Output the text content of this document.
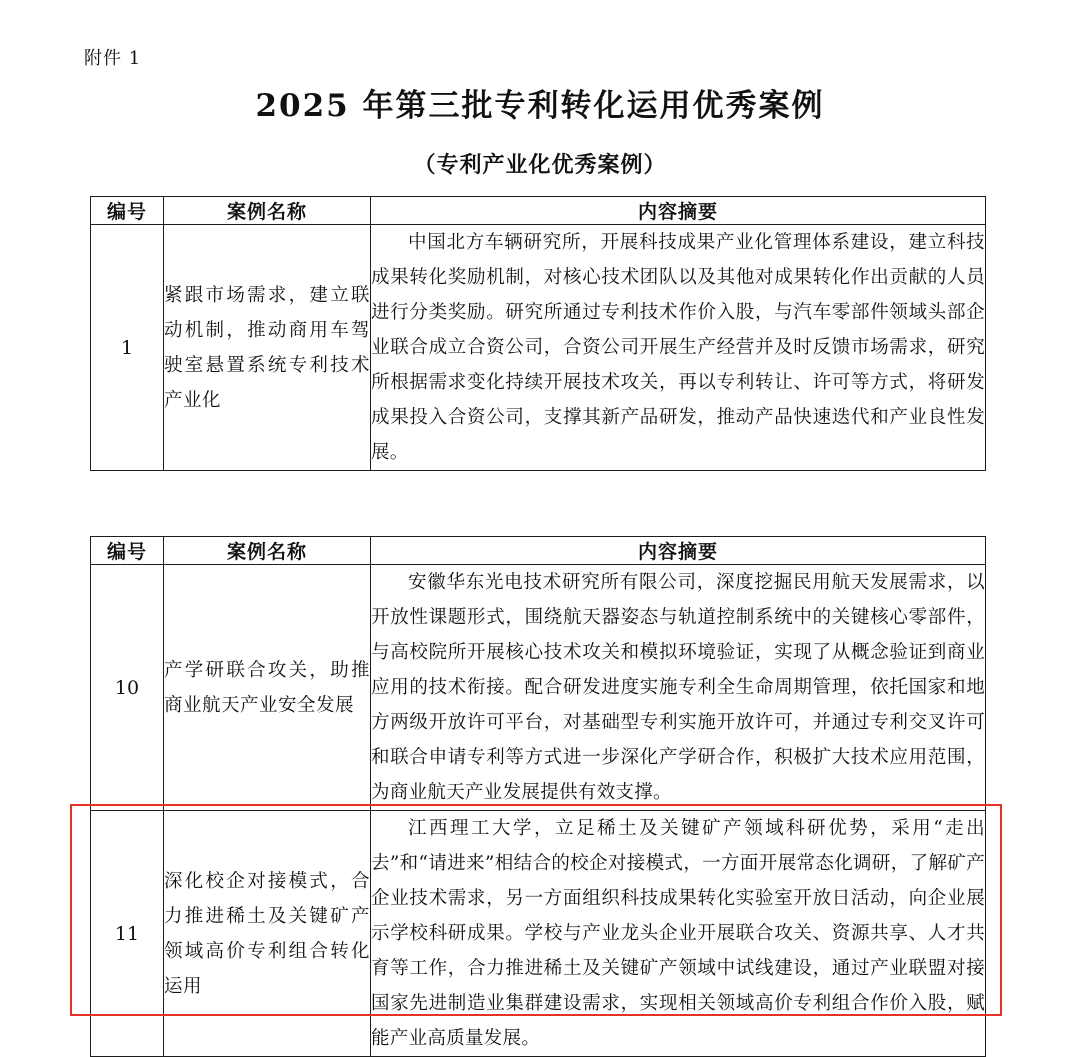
附件 1
2025 年第三批专利转化运用优秀案例
（专利产业化优秀案例）
编号	案例名称	内容摘要
1	紧跟市场需求，建立联动机制，推动商用车驾驶室悬置系统专利技术产业化	中国北方车辆研究所，开展科技成果产业化管理体系建设，建立科技成果转化奖励机制，对核心技术团队以及其他对成果转化作出贡献的人员进行分类奖励。研究所通过专利技术作价入股，与汽车零部件领域头部企业联合成立合资公司，合资公司开展生产经营并及时反馈市场需求，研究所根据需求变化持续开展技术攻关，再以专利转让、许可等方式，将研发成果投入合资公司，支撑其新产品研发，推动产品快速迭代和产业良性发展。
编号	案例名称	内容摘要
10	产学研联合攻关，助推商业航天产业安全发展	安徽华东光电技术研究所有限公司，深度挖掘民用航天发展需求，以开放性课题形式，围绕航天器姿态与轨道控制系统中的关键核心零部件，与高校院所开展核心技术攻关和模拟环境验证，实现了从概念验证到商业应用的技术衔接。配合研发进度实施专利全生命周期管理，依托国家和地方两级开放许可平台，对基础型专利实施开放许可，并通过专利交叉许可和联合申请专利等方式进一步深化产学研合作，积极扩大技术应用范围，为商业航天产业发展提供有效支撑。
11	深化校企对接模式，合力推进稀土及关键矿产领域高价专利组合转化运用	江西理工大学，立足稀土及关键矿产领域科研优势，采用“走出去”和“请进来”相结合的校企对接模式，一方面开展常态化调研，了解矿产企业技术需求，另一方面组织科技成果转化实验室开放日活动，向企业展示学校科研成果。学校与产业龙头企业开展联合攻关、资源共享、人才共育等工作，合力推进稀土及关键矿产领域中试线建设，通过产业联盟对接国家先进制造业集群建设需求，实现相关领域高价专利组合作价入股，赋能产业高质量发展。
